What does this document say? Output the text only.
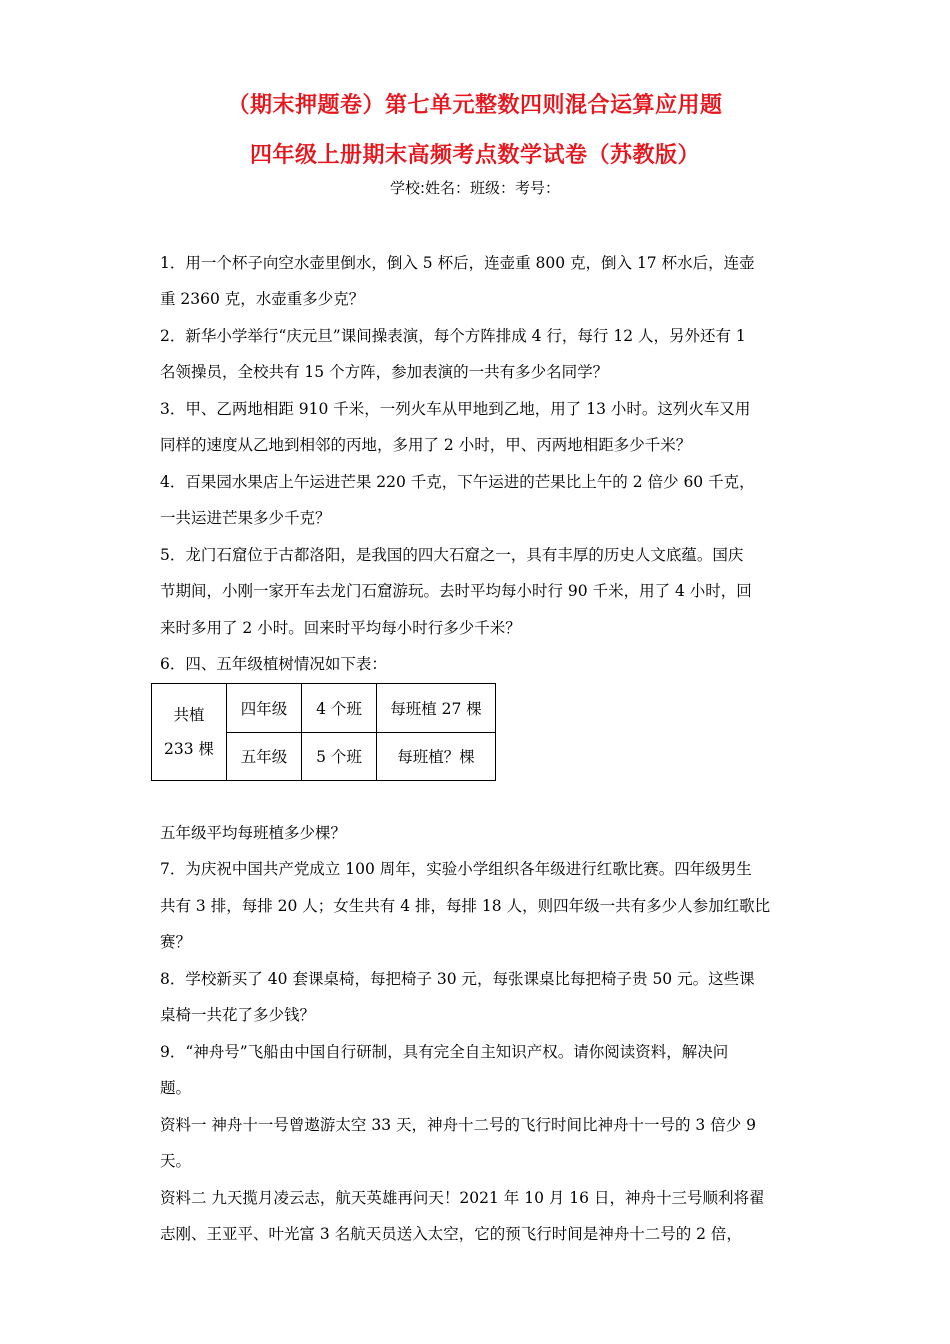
（期末押题卷）第七单元整数四则混合运算应用题
四年级上册期末高频考点数学试卷（苏教版）
学校:姓名：班级：考号：
1．用一个杯子向空水壶里倒水，倒入 5 杯后，连壶重 800 克，倒入 17 杯水后，连壶
重 2360 克，水壶重多少克？
2．新华小学举行“庆元旦”课间操表演，每个方阵排成 4 行，每行 12 人，另外还有 1
名领操员，全校共有 15 个方阵，参加表演的一共有多少名同学？
3．甲、乙两地相距 910 千米，一列火车从甲地到乙地，用了 13 小时。这列火车又用
同样的速度从乙地到相邻的丙地，多用了 2 小时，甲、丙两地相距多少千米？
4．百果园水果店上午运进芒果 220 千克，下午运进的芒果比上午的 2 倍少 60 千克，
一共运进芒果多少千克？
5．龙门石窟位于古都洛阳，是我国的四大石窟之一，具有丰厚的历史人文底蕴。国庆
节期间，小刚一家开车去龙门石窟游玩。去时平均每小时行 90 千米，用了 4 小时，回
来时多用了 2 小时。回来时平均每小时行多少千米？
6．四、五年级植树情况如下表：
共植
233 棵	四年级	4 个班	每班植 27 棵
	五年级	5 个班	每班植？棵
五年级平均每班植多少棵？
7．为庆祝中国共产党成立 100 周年，实验小学组织各年级进行红歌比赛。四年级男生
共有 3 排，每排 20 人；女生共有 4 排，每排 18 人，则四年级一共有多少人参加红歌比
赛？
8．学校新买了 40 套课桌椅，每把椅子 30 元，每张课桌比每把椅子贵 50 元。这些课
桌椅一共花了多少钱？
9．“神舟号”飞船由中国自行研制，具有完全自主知识产权。请你阅读资料，解决问
题。
资料一 神舟十一号曾遨游太空 33 天，神舟十二号的飞行时间比神舟十一号的 3 倍少 9
天。
资料二 九天揽月凌云志，航天英雄再问天！2021 年 10 月 16 日，神舟十三号顺利将翟
志刚、王亚平、叶光富 3 名航天员送入太空，它的预飞行时间是神舟十二号的 2 倍，
